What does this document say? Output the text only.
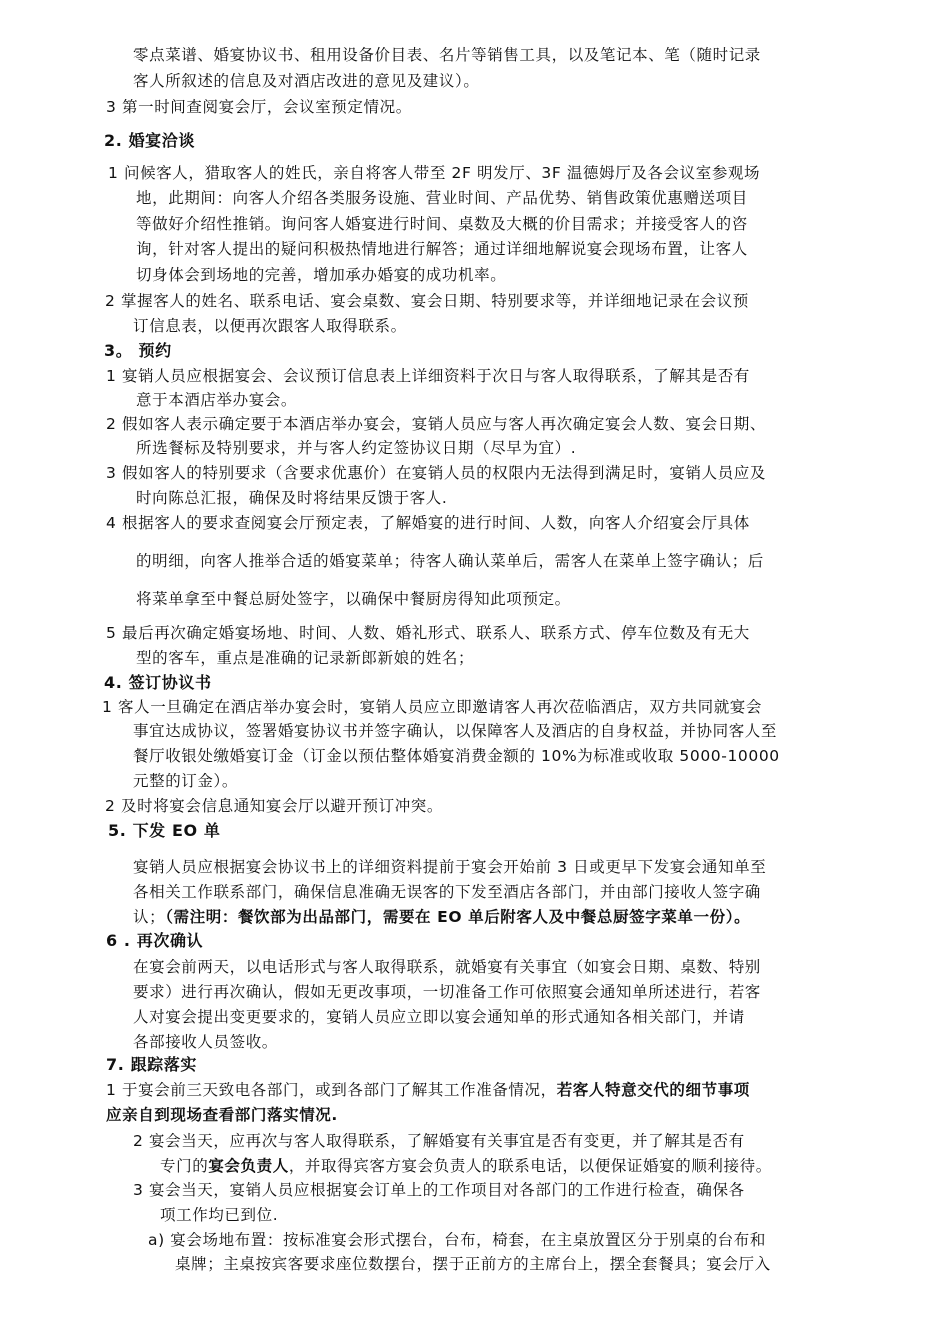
零点菜谱、婚宴协议书、租用设备价目表、名片等销售工具，以及笔记本、笔（随时记录
客人所叙述的信息及对酒店改进的意见及建议）。
3 第一时间查阅宴会厅，会议室预定情况。
2. 婚宴洽谈
1 问候客人，猎取客人的姓氏，亲自将客人带至 2F 明发厅、3F 温德姆厅及各会议室参观场
地，此期间：向客人介绍各类服务设施、营业时间、产品优势、销售政策优惠赠送项目
等做好介绍性推销。询问客人婚宴进行时间、桌数及大概的价目需求；并接受客人的咨
询，针对客人提出的疑问积极热情地进行解答；通过详细地解说宴会现场布置，让客人
切身体会到场地的完善，增加承办婚宴的成功机率。
2 掌握客人的姓名、联系电话、宴会桌数、宴会日期、特别要求等，并详细地记录在会议预
订信息表，以便再次跟客人取得联系。
3。 预约
1 宴销人员应根据宴会、会议预订信息表上详细资料于次日与客人取得联系，了解其是否有
意于本酒店举办宴会。
2 假如客人表示确定要于本酒店举办宴会，宴销人员应与客人再次确定宴会人数、宴会日期、
所选餐标及特别要求，并与客人约定签协议日期（尽早为宜）.
3 假如客人的特别要求（含要求优惠价）在宴销人员的权限内无法得到满足时，宴销人员应及
时向陈总汇报，确保及时将结果反馈于客人.
4 根据客人的要求查阅宴会厅预定表，了解婚宴的进行时间、人数，向客人介绍宴会厅具体
的明细，向客人推举合适的婚宴菜单；待客人确认菜单后，需客人在菜单上签字确认；后
将菜单拿至中餐总厨处签字，以确保中餐厨房得知此项预定。
5 最后再次确定婚宴场地、时间、人数、婚礼形式、联系人、联系方式、停车位数及有无大
型的客车，重点是准确的记录新郎新娘的姓名；
4. 签订协议书
1 客人一旦确定在酒店举办宴会时，宴销人员应立即邀请客人再次莅临酒店，双方共同就宴会
事宜达成协议，签署婚宴协议书并签字确认，以保障客人及酒店的自身权益，并协同客人至
餐厅收银处缴婚宴订金（订金以预估整体婚宴消费金额的 10%为标准或收取 5000-10000
元整的订金）。
2 及时将宴会信息通知宴会厅以避开预订冲突。
5. 下发 EO 单
宴销人员应根据宴会协议书上的详细资料提前于宴会开始前 3 日或更早下发宴会通知单至
各相关工作联系部门，确保信息准确无误客的下发至酒店各部门，并由部门接收人签字确
认；（需注明：餐饮部为出品部门，需要在 EO 单后附客人及中餐总厨签字菜单一份）。
6 . 再次确认
在宴会前两天，以电话形式与客人取得联系，就婚宴有关事宜（如宴会日期、桌数、特别
要求）进行再次确认，假如无更改事项，一切准备工作可依照宴会通知单所述进行，若客
人对宴会提出变更要求的，宴销人员应立即以宴会通知单的形式通知各相关部门，并请
各部接收人员签收。
7. 跟踪落实
1 于宴会前三天致电各部门，或到各部门了解其工作准备情况，若客人特意交代的细节事项
应亲自到现场查看部门落实情况.
2 宴会当天，应再次与客人取得联系，了解婚宴有关事宜是否有变更，并了解其是否有
专门的宴会负责人，并取得宾客方宴会负责人的联系电话，以便保证婚宴的顺利接待。
3 宴会当天，宴销人员应根据宴会订单上的工作项目对各部门的工作进行检查，确保各
项工作均已到位.
a) 宴会场地布置：按标准宴会形式摆台，台布，椅套，在主桌放置区分于别桌的台布和
桌牌；主桌按宾客要求座位数摆台，摆于正前方的主席台上，摆全套餐具；宴会厅入
